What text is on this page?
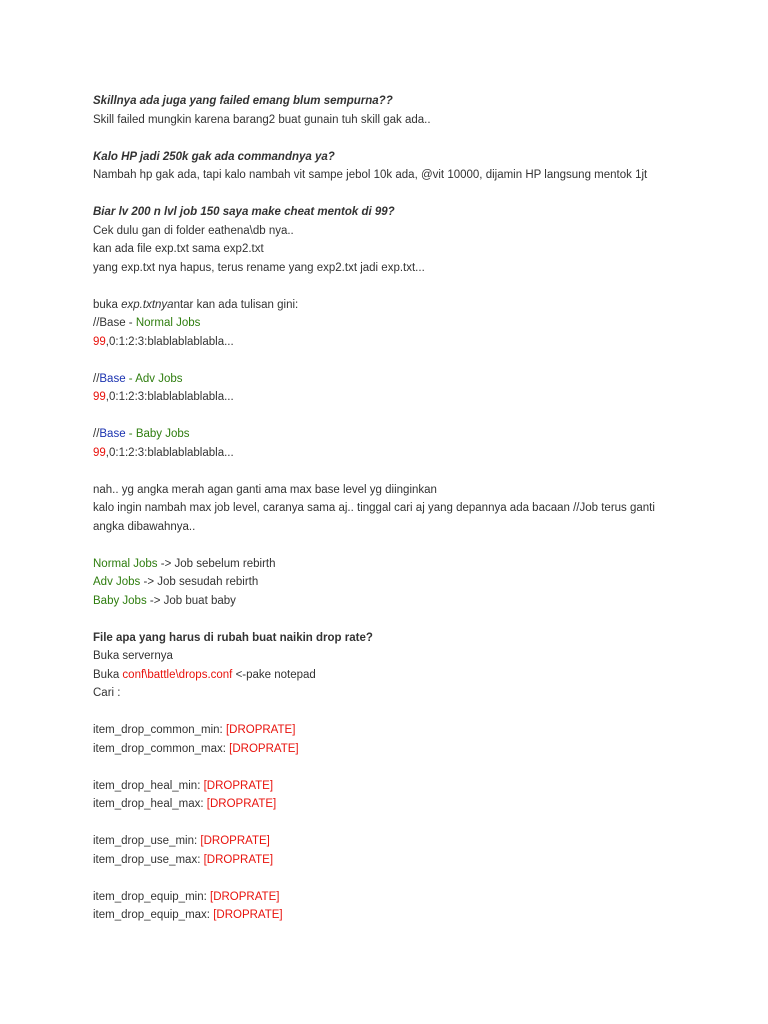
Skillnya ada juga yang failed emang blum sempurna??
Skill failed mungkin karena barang2 buat gunain tuh skill gak ada..
Kalo HP jadi 250k gak ada commandnya ya?
Nambah hp gak ada, tapi kalo nambah vit sampe jebol 10k ada, @vit 10000, dijamin HP langsung mentok 1jt
Biar lv 200 n lvl job 150 saya make cheat mentok di 99?
Cek dulu gan di folder eathena\db nya..
kan ada file exp.txt sama exp2.txt
yang exp.txt nya hapus, terus rename yang exp2.txt jadi exp.txt...
buka exp.txtnyantar kan ada tulisan gini:
//Base - Normal Jobs
99,0:1:2:3:blablablablabla...
//Base - Adv Jobs
99,0:1:2:3:blablablablabla...
//Base - Baby Jobs
99,0:1:2:3:blablablablabla...
nah.. yg angka merah agan ganti ama max base level yg diinginkan
kalo ingin nambah max job level, caranya sama aj.. tinggal cari aj yang depannya ada bacaan //Job terus ganti
angka dibawahnya..
Normal Jobs -> Job sebelum rebirth
Adv Jobs -> Job sesudah rebirth
Baby Jobs -> Job buat baby
File apa yang harus di rubah buat naikin drop rate?
Buka servernya
Buka conf\battle\drops.conf <-pake notepad
Cari :
item_drop_common_min: [DROPRATE]
item_drop_common_max: [DROPRATE]
item_drop_heal_min: [DROPRATE]
item_drop_heal_max: [DROPRATE]
item_drop_use_min: [DROPRATE]
item_drop_use_max: [DROPRATE]
item_drop_equip_min: [DROPRATE]
item_drop_equip_max: [DROPRATE]
